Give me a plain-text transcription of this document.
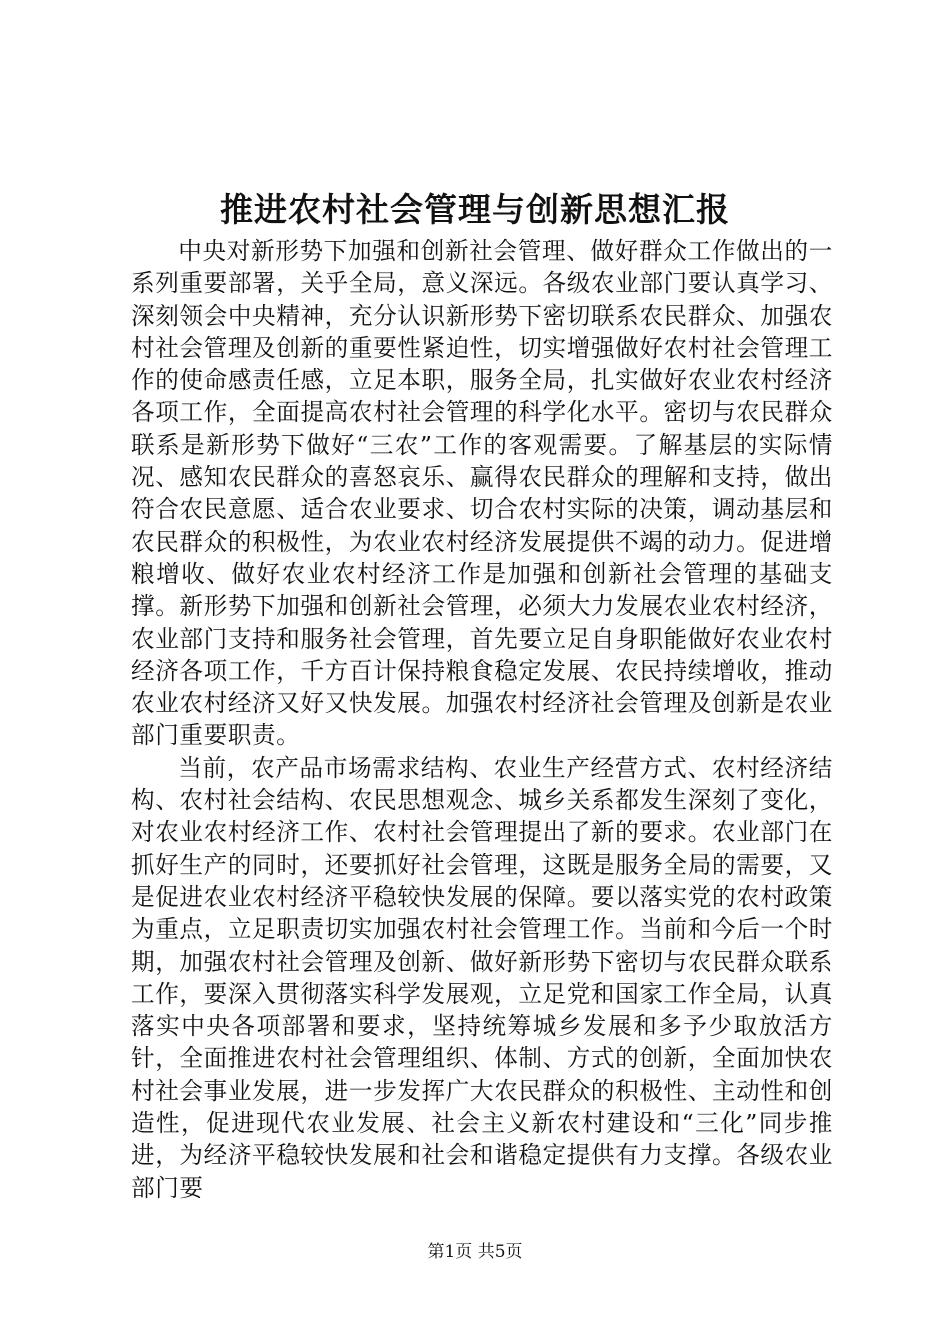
推进农村社会管理与创新思想汇报

中央对新形势下加强和创新社会管理、做好群众工作做出的一系列重要部署，关乎全局，意义深远。各级农业部门要认真学习、深刻领会中央精神，充分认识新形势下密切联系农民群众、加强农村社会管理及创新的重要性紧迫性，切实增强做好农村社会管理工作的使命感责任感，立足本职，服务全局，扎实做好农业农村经济各项工作，全面提高农村社会管理的科学化水平。密切与农民群众联系是新形势下做好“三农”工作的客观需要。了解基层的实际情况、感知农民群众的喜怒哀乐、赢得农民群众的理解和支持，做出符合农民意愿、适合农业要求、切合农村实际的决策，调动基层和农民群众的积极性，为农业农村经济发展提供不竭的动力。促进增粮增收、做好农业农村经济工作是加强和创新社会管理的基础支撑。新形势下加强和创新社会管理，必须大力发展农业农村经济，农业部门支持和服务社会管理，首先要立足自身职能做好农业农村经济各项工作，千方百计保持粮食稳定发展、农民持续增收，推动农业农村经济又好又快发展。加强农村经济社会管理及创新是农业部门重要职责。

当前，农产品市场需求结构、农业生产经营方式、农村经济结构、农村社会结构、农民思想观念、城乡关系都发生深刻了变化，对农业农村经济工作、农村社会管理提出了新的要求。农业部门在抓好生产的同时，还要抓好社会管理，这既是服务全局的需要，又是促进农业农村经济平稳较快发展的保障。要以落实党的农村政策为重点，立足职责切实加强农村社会管理工作。当前和今后一个时期，加强农村社会管理及创新、做好新形势下密切与农民群众联系工作，要深入贯彻落实科学发展观，立足党和国家工作全局，认真落实中央各项部署和要求，坚持统筹城乡发展和多予少取放活方针，全面推进农村社会管理组织、体制、方式的创新，全面加快农村社会事业发展，进一步发挥广大农民群众的积极性、主动性和创造性，促进现代农业发展、社会主义新农村建设和“三化”同步推进，为经济平稳较快发展和社会和谐稳定提供有力支撑。各级农业部门要

第1页 共5页
